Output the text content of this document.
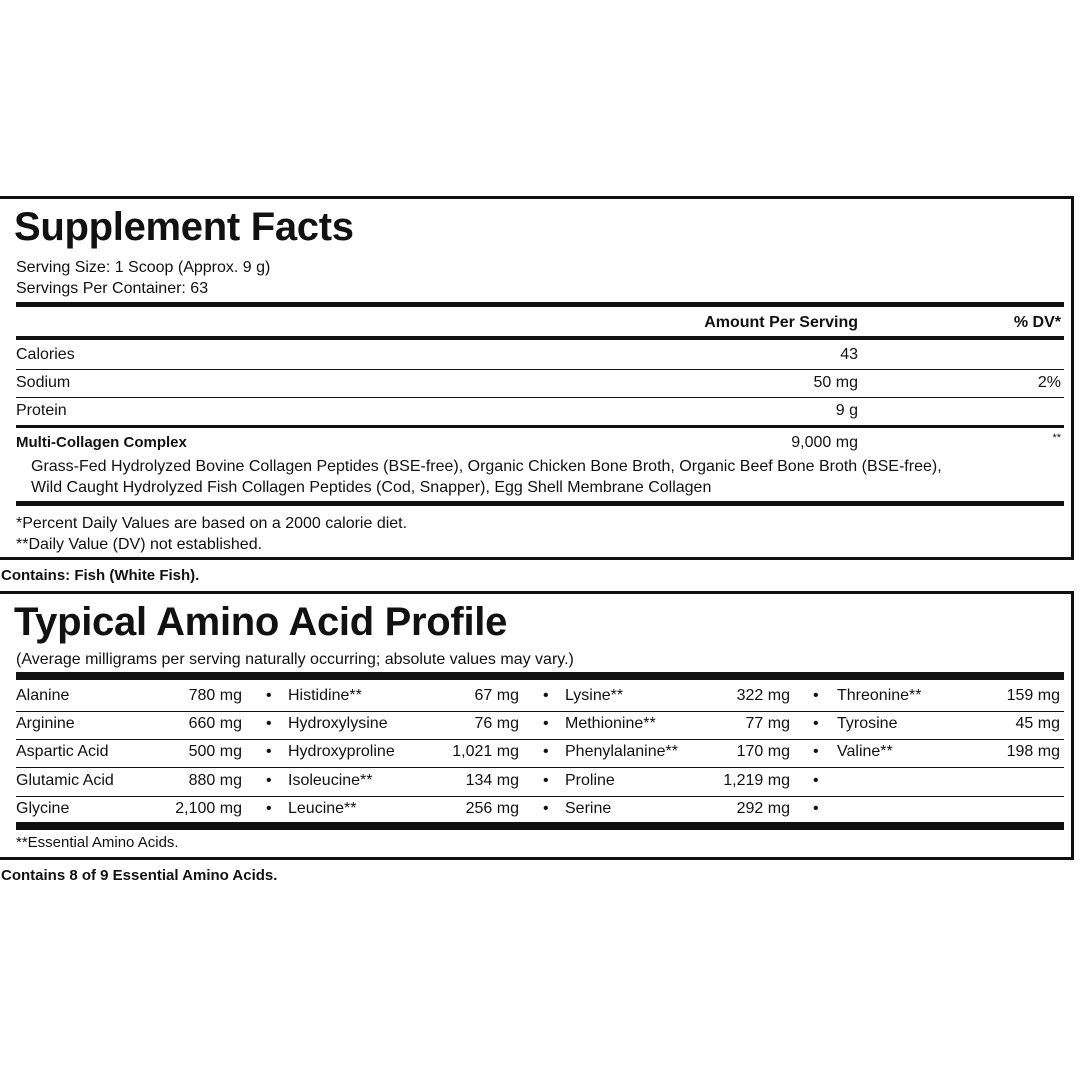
Supplement Facts
Serving Size: 1 Scoop (Approx. 9 g)
Servings Per Container: 63
Amount Per Serving	% DV*
Calories	43
Sodium	50 mg	2%
Protein	9 g
Multi-Collagen Complex	9,000 mg	**
Grass-Fed Hydrolyzed Bovine Collagen Peptides (BSE-free), Organic Chicken Bone Broth, Organic Beef Bone Broth (BSE-free),
Wild Caught Hydrolyzed Fish Collagen Peptides (Cod, Snapper), Egg Shell Membrane Collagen
*Percent Daily Values are based on a 2000 calorie diet.
**Daily Value (DV) not established.
Contains: Fish (White Fish).
Typical Amino Acid Profile
(Average milligrams per serving naturally occurring; absolute values may vary.)
Alanine	780 mg • Histidine**	67 mg • Lysine**	322 mg • Threonine**	159 mg
Arginine	660 mg • Hydroxylysine	76 mg • Methionine**	77 mg • Tyrosine	45 mg
Aspartic Acid	500 mg • Hydroxyproline	1,021 mg • Phenylalanine**	170 mg • Valine**	198 mg
Glutamic Acid	880 mg • Isoleucine**	134 mg • Proline	1,219 mg •
Glycine	2,100 mg • Leucine**	256 mg • Serine	292 mg •
**Essential Amino Acids.
Contains 8 of 9 Essential Amino Acids.
